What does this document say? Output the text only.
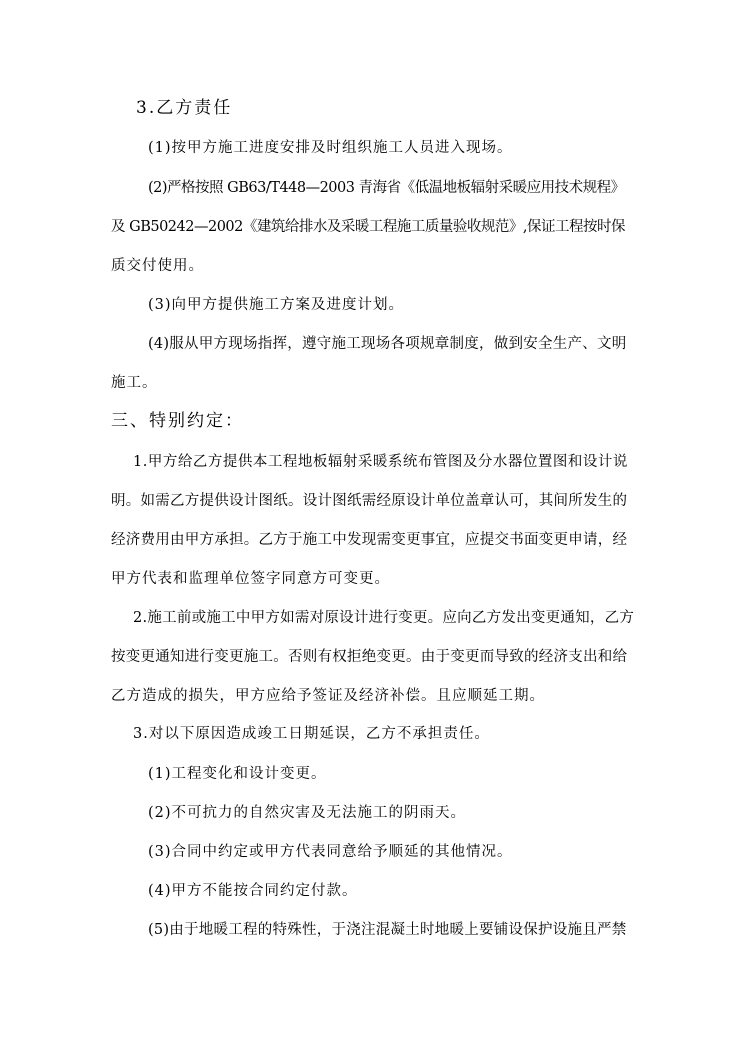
3.乙方责任
(1)按甲方施工进度安排及时组织施工人员进入现场。
(2)严格按照 GB63/T448—2003 青海省《低温地板辐射采暖应用技术规程》
及 GB50242—2002《建筑给排水及采暖工程施工质量验收规范》,保证工程按时保
质交付使用。
(3)向甲方提供施工方案及进度计划。
(4)服从甲方现场指挥，遵守施工现场各项规章制度，做到安全生产、文明
施工。
三、特别约定：
1.甲方给乙方提供本工程地板辐射采暖系统布管图及分水器位置图和设计说
明。如需乙方提供设计图纸。设计图纸需经原设计单位盖章认可，其间所发生的
经济费用由甲方承担。乙方于施工中发现需变更事宜，应提交书面变更申请，经
甲方代表和监理单位签字同意方可变更。
2.施工前或施工中甲方如需对原设计进行变更。应向乙方发出变更通知，乙方
按变更通知进行变更施工。否则有权拒绝变更。由于变更而导致的经济支出和给
乙方造成的损失，甲方应给予签证及经济补偿。且应顺延工期。
3.对以下原因造成竣工日期延误，乙方不承担责任。
(1)工程变化和设计变更。
(2)不可抗力的自然灾害及无法施工的阴雨天。
(3)合同中约定或甲方代表同意给予顺延的其他情况。
(4)甲方不能按合同约定付款。
(5)由于地暖工程的特殊性，于浇注混凝土时地暖上要铺设保护设施且严禁
